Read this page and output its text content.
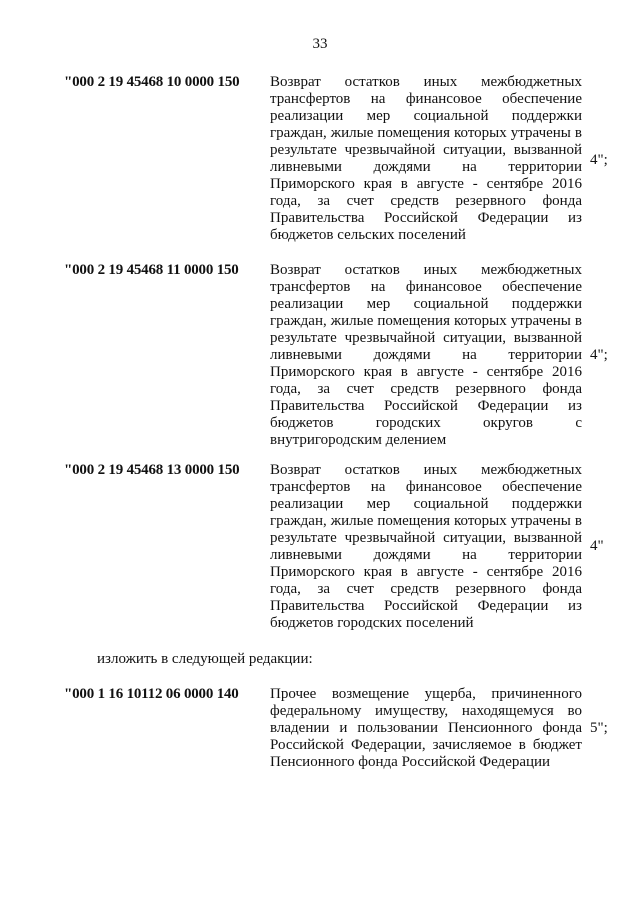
33
"000 2 19 45468 10 0000 150 Возврат остатков иных межбюджетных
трансфертов на финансовое обеспечение
реализации мер социальной поддержки
граждан, жилые помещения которых утрачены в
результате чрезвычайной ситуации, вызванной
ливневыми дождями на территории
Приморского края в августе - сентябре 2016
года, за счет средств резервного фонда
Правительства Российской Федерации из
бюджетов сельских поселений
4";
"000 2 19 45468 11 0000 150 Возврат остатков иных межбюджетных
трансфертов на финансовое обеспечение
реализации мер социальной поддержки
граждан, жилые помещения которых утрачены в
результате чрезвычайной ситуации, вызванной
ливневыми дождями на территории
Приморского края в августе - сентябре 2016
года, за счет средств резервного фонда
Правительства Российской Федерации из
бюджетов городских округов с
внутригородским делением
4";
"000 2 19 45468 13 0000 150 Возврат остатков иных межбюджетных
трансфертов на финансовое обеспечение
реализации мер социальной поддержки
граждан, жилые помещения которых утрачены в
результате чрезвычайной ситуации, вызванной
ливневыми дождями на территории
Приморского края в августе - сентябре 2016
года, за счет средств резервного фонда
Правительства Российской Федерации из
бюджетов городских поселений
4"
изложить в следующей редакции:
"000 1 16 10112 06 0000 140 Прочее возмещение ущерба, причиненного
федеральному имуществу, находящемуся во
владении и пользовании Пенсионного фонда
Российской Федерации, зачисляемое в бюджет
Пенсионного фонда Российской Федерации
5";
